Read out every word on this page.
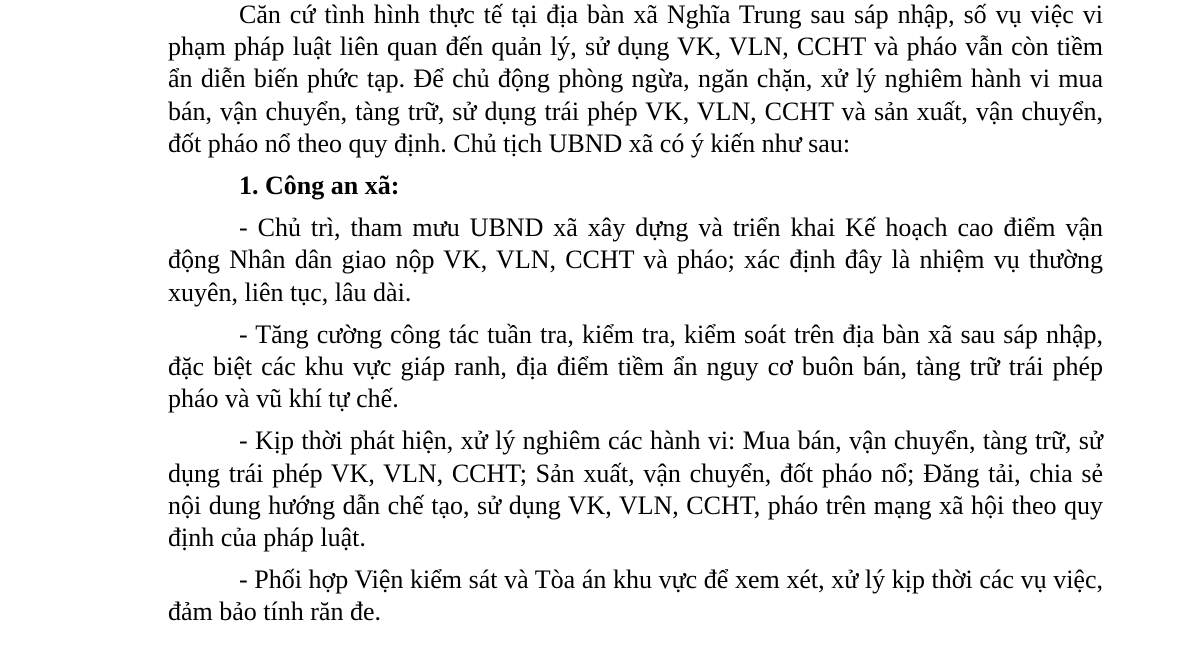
Căn cứ tình hình thực tế tại địa bàn xã Nghĩa Trung sau sáp nhập, số vụ việc vi phạm pháp luật liên quan đến quản lý, sử dụng VK, VLN, CCHT và pháo vẫn còn tiềm ẩn diễn biến phức tạp. Để chủ động phòng ngừa, ngăn chặn, xử lý nghiêm hành vi mua bán, vận chuyển, tàng trữ, sử dụng trái phép VK, VLN, CCHT và sản xuất, vận chuyển, đốt pháo nổ theo quy định. Chủ tịch UBND xã có ý kiến như sau:

1. Công an xã:

- Chủ trì, tham mưu UBND xã xây dựng và triển khai Kế hoạch cao điểm vận động Nhân dân giao nộp VK, VLN, CCHT và pháo; xác định đây là nhiệm vụ thường xuyên, liên tục, lâu dài.

- Tăng cường công tác tuần tra, kiểm tra, kiểm soát trên địa bàn xã sau sáp nhập, đặc biệt các khu vực giáp ranh, địa điểm tiềm ẩn nguy cơ buôn bán, tàng trữ trái phép pháo và vũ khí tự chế.

- Kịp thời phát hiện, xử lý nghiêm các hành vi: Mua bán, vận chuyển, tàng trữ, sử dụng trái phép VK, VLN, CCHT; Sản xuất, vận chuyển, đốt pháo nổ; Đăng tải, chia sẻ nội dung hướng dẫn chế tạo, sử dụng VK, VLN, CCHT, pháo trên mạng xã hội theo quy định của pháp luật.

- Phối hợp Viện kiểm sát và Tòa án khu vực để xem xét, xử lý kịp thời các vụ việc, đảm bảo tính răn đe.
